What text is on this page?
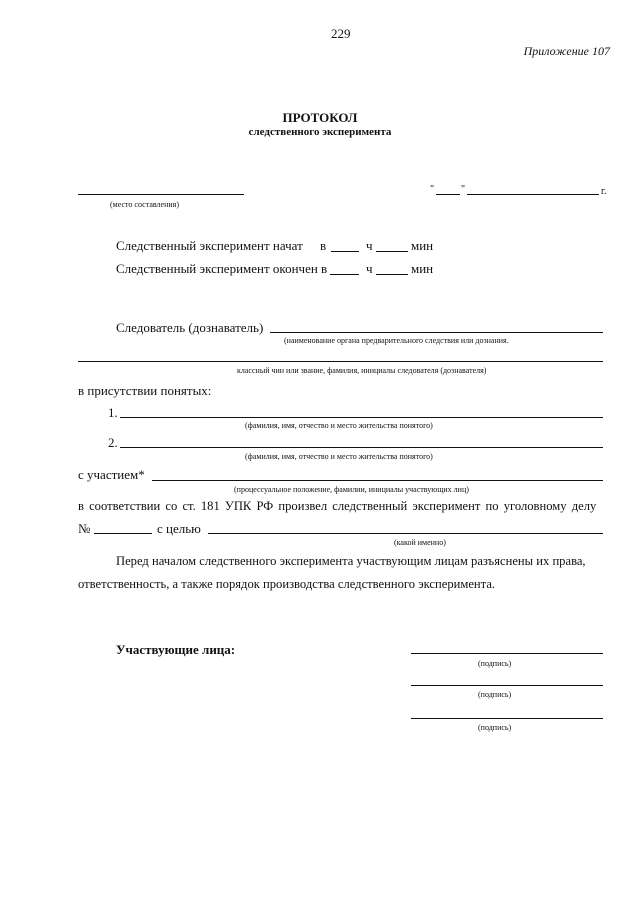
229
Приложение 107
ПРОТОКОЛ
следственного эксперимента
(место составления)
"	"	г.
Следственный эксперимент начат в	ч	мин
Следственный эксперимент окончен в	ч	мин
Следователь (дознаватель)
(наименование органа предварительного следствия или дознания.
классный чин или звание, фамилия, инициалы следователя (дознавателя)
в присутствии понятых:
1.
(фамилия, имя, отчество и место жительства понятого)
2.
(фамилия, имя, отчество и место жительства понятого)
с участием*
(процессуальное положение, фамилии, инициалы участвующих лиц)
в соответствии со ст. 181 УПК РФ произвел следственный эксперимент по уголовному делу
№	с целью
(какой именно)
Перед началом следственного эксперимента участвующим лицам разъяснены их права,
ответственность, а также порядок производства следственного эксперимента.
Участвующие лица:
(подпись)
(подпись)
(подпись)
